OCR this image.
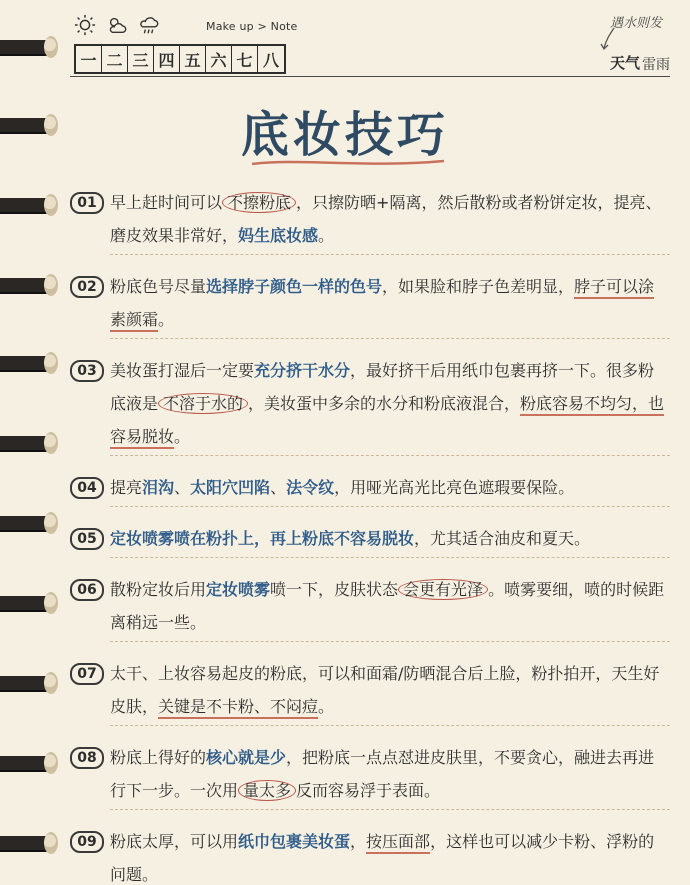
Make up > Note
一 二 三 四 五 六 七 八
遇水则发
天气 雷雨
底妆技巧
01 早上赶时间可以 不擦粉底 ，只擦防晒+隔离，然后散粉或者粉饼定妆，提亮、磨皮效果非常好，妈生底妆感。
02 粉底色号尽量选择脖子颜色一样的色号，如果脸和脖子色差明显，脖子可以涂素颜霜。
03 美妆蛋打湿后一定要充分挤干水分，最好挤干后用纸巾包裹再挤一下。很多粉底液是 不溶于水的 ，美妆蛋中多余的水分和粉底液混合，粉底容易不均匀，也容易脱妆。
04 提亮泪沟、太阳穴凹陷、法令纹，用哑光高光比亮色遮瑕要保险。
05 定妆喷雾喷在粉扑上，再上粉底不容易脱妆，尤其适合油皮和夏天。
06 散粉定妆后用定妆喷雾喷一下，皮肤状态 会更有光泽 。喷雾要细，喷的时候距离稍远一些。
07 太干、上妆容易起皮的粉底，可以和面霜/防晒混合后上脸，粉扑拍开，天生好皮肤，关键是不卡粉、不闷痘。
08 粉底上得好的核心就是少，把粉底一点点怼进皮肤里，不要贪心，融进去再进行下一步。一次用 量太多 反而容易浮于表面。
09 粉底太厚，可以用纸巾包裹美妆蛋，按压面部，这样也可以减少卡粉、浮粉的问题。
